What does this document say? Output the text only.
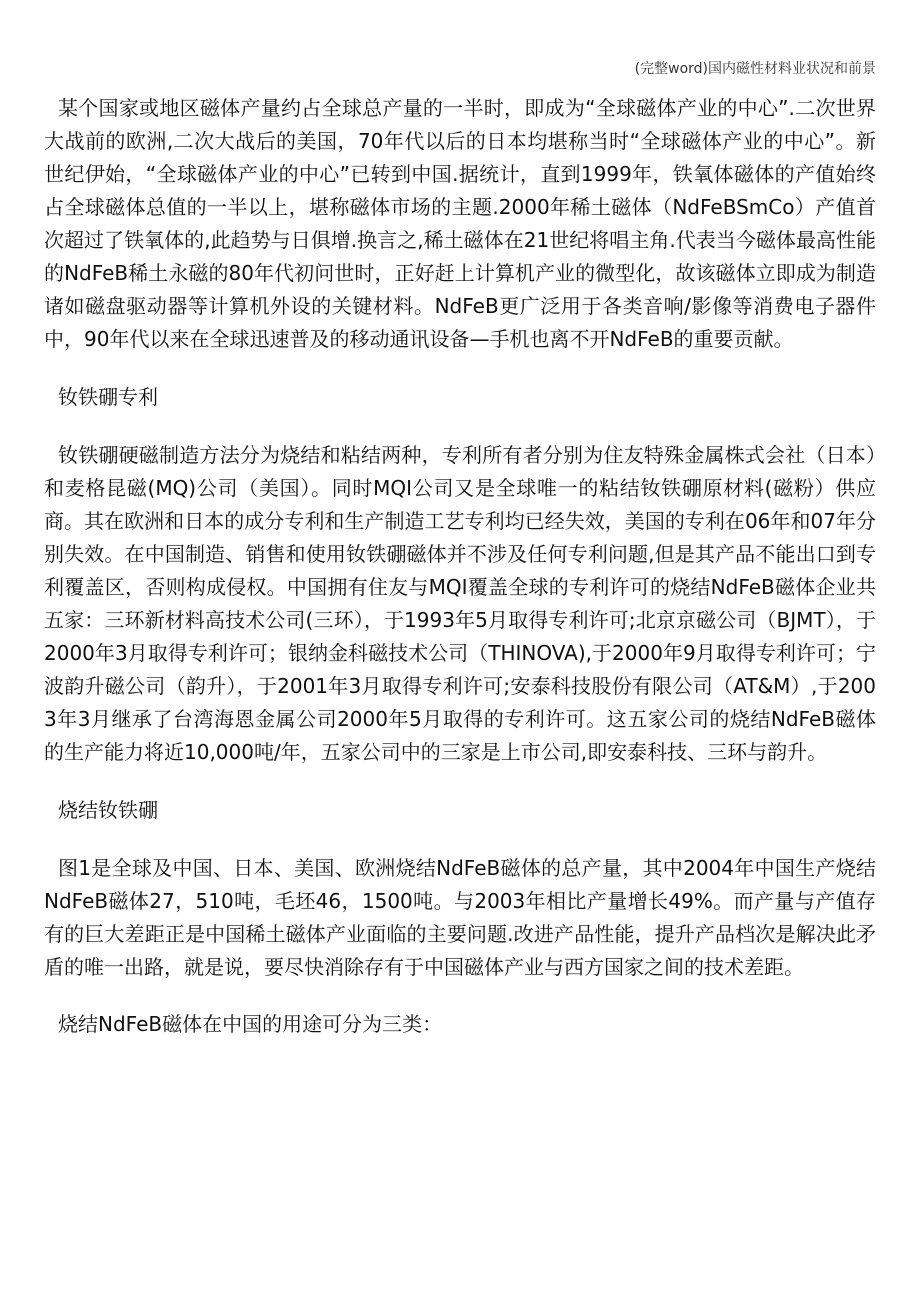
(完整word)国内磁性材料业状况和前景

某个国家或地区磁体产量约占全球总产量的一半时，即成为“全球磁体产业的中心”.二次世界大战前的欧洲,二次大战后的美国，70年代以后的日本均堪称当时“全球磁体产业的中心”。新世纪伊始，“全球磁体产业的中心”已转到中国.据统计，直到1999年，铁氧体磁体的产值始终占全球磁体总值的一半以上，堪称磁体市场的主题.2000年稀土磁体（NdFeBSmCo）产值首次超过了铁氧体的,此趋势与日俱增.换言之,稀土磁体在21世纪将唱主角.代表当今磁体最高性能的NdFeB稀土永磁的80年代初问世时，正好赶上计算机产业的微型化，故该磁体立即成为制造诸如磁盘驱动器等计算机外设的关键材料。NdFeB更广泛用于各类音响/影像等消费电子器件中，90年代以来在全球迅速普及的移动通讯设备—手机也离不开NdFeB的重要贡献。

钕铁硼专利

钕铁硼硬磁制造方法分为烧结和粘结两种，专利所有者分别为住友特殊金属株式会社（日本）和麦格昆磁(MQ)公司（美国）。同时MQI公司又是全球唯一的粘结钕铁硼原材料(磁粉）供应商。其在欧洲和日本的成分专利和生产制造工艺专利均已经失效，美国的专利在06年和07年分别失效。在中国制造、销售和使用钕铁硼磁体并不涉及任何专利问题,但是其产品不能出口到专利覆盖区，否则构成侵权。中国拥有住友与MQI覆盖全球的专利许可的烧结NdFeB磁体企业共五家：三环新材料高技术公司(三环），于1993年5月取得专利许可;北京京磁公司（BJMT），于2000年3月取得专利许可；银纳金科磁技术公司（THINOVA),于2000年9月取得专利许可；宁波韵升磁公司（韵升），于2001年3月取得专利许可;安泰科技股份有限公司（AT&M）,于2003年3月继承了台湾海恩金属公司2000年5月取得的专利许可。这五家公司的烧结NdFeB磁体的生产能力将近10,000吨/年，五家公司中的三家是上市公司,即安泰科技、三环与韵升。

烧结钕铁硼

图1是全球及中国、日本、美国、欧洲烧结NdFeB磁体的总产量，其中2004年中国生产烧结NdFeB磁体27，510吨，毛坯46，1500吨。与2003年相比产量增长49%。而产量与产值存有的巨大差距正是中国稀土磁体产业面临的主要问题.改进产品性能，提升产品档次是解决此矛盾的唯一出路，就是说，要尽快消除存有于中国磁体产业与西方国家之间的技术差距。

烧结NdFeB磁体在中国的用途可分为三类：
